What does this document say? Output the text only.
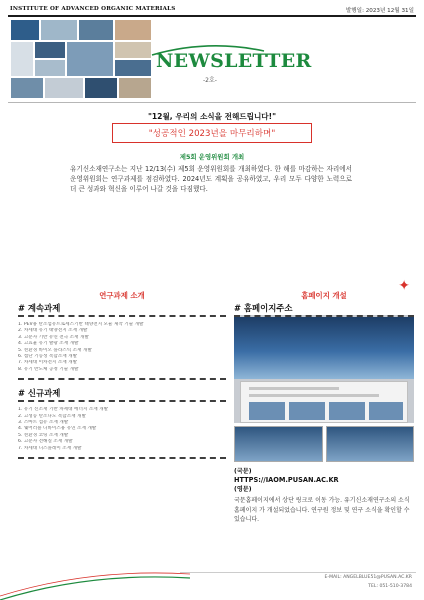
INSTITUTE OF ADVANCED ORGANIC MATERIALS	발행일: 2023년 12월 31일
NEWSLETTER
-2호-
"12월, 우리의 소식을 전해드립니다!"
"성공적인 2023년을 마무리하며"
제5회 운영위원회 개최
유기신소재연구소는 지난 12/13(수) 제5회 운영위원회를 개최하였다. 한 해를 마감하는 자리에서 운영위원회는 연구과제를 점검하였다. 2024년도 계획을 공유하였고, 우리 모두 다양한 노력으로 더 큰 성과와 혁신을 이루어 나갈 것을 다짐했다.
✦
연구과제 소개
# 계속과제
1. PEV용 탄소섬유트로세스기반 태양전지 모듈 제작 기술 개발
2. 차세대 유기 태양전지 소재 개발
3. 고분자 기반 유연 전극 소재 개발
4. 고효율 유기 발광 소재 개발
5. 친환경 바이오 플라스틱 소재 개발
6. 첨단 기능성 복합소재 개발
7. 차세대 이차전지 소재 개발
8. 유기 반도체 공정 기술 개발
# 신규과제
1. 유기 신소재 기반 차세대 에너지 소재 개발
2. 고성능 탄소나노 복합소재 개발
3. 스마트 섬유 소재 개발
4. 웨어러블 디바이스용 유연 소재 개발
5. 친환경 코팅 소재 개발
6. 고분자 전해질 소재 개발
7. 차세대 디스플레이 소재 개발
홈페이지 개설
# 홈페이지주소
(국문)
HTTPS://IAOM.PUSAN.AC.KR
(영문)
국문홈페이지에서 상단 링크로 이동 가능. 유기신소재연구소의 소식 홈페이지 가 개설되었습니다. 연구원 정보 및 연구 소식을 확인할 수 있습니다.
E-MAIL: ANGELBLUE51@PUSAN.AC.KR
TEL: 051-510-3784
